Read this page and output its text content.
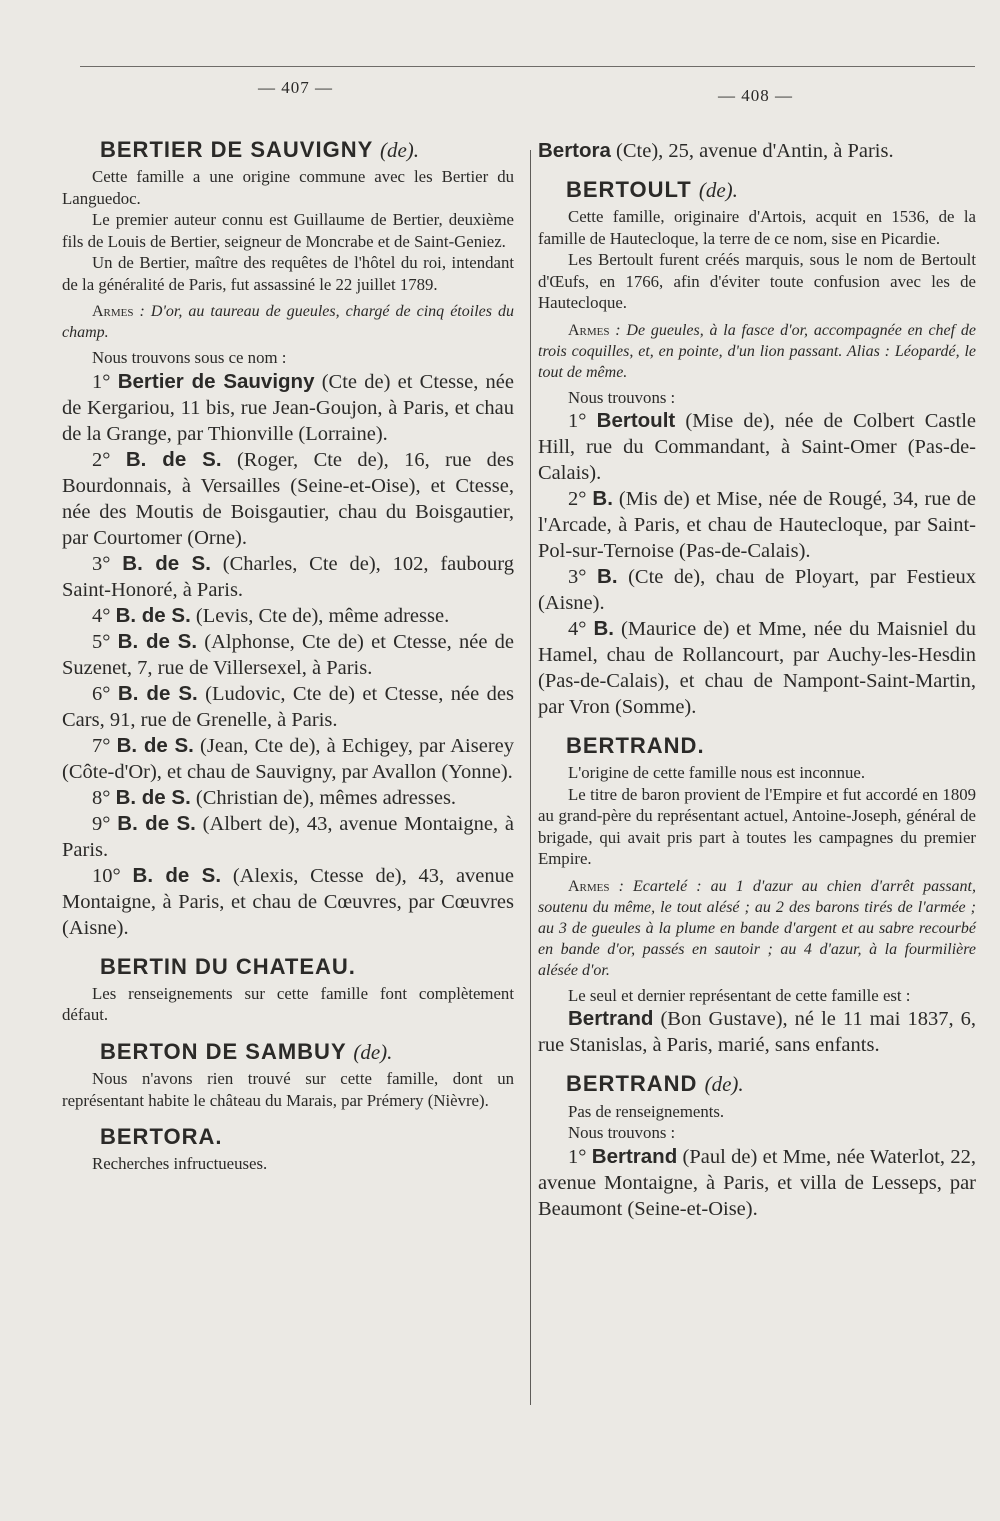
— 407 —	— 408 —
BERTIER DE SAUVIGNY (de).

Cette famille a une origine commune avec les Bertier du Languedoc.

Le premier auteur connu est Guillaume de Bertier, deuxième fils de Louis de Bertier, seigneur de Moncrabe et de Saint-Geniez.

Un de Bertier, maître des requêtes de l'hôtel du roi, intendant de la généralité de Paris, fut assassiné le 22 juillet 1789.

Armes : D'or, au taureau de gueules, chargé de cinq étoiles du champ.

Nous trouvons sous ce nom :

1° Bertier de Sauvigny (Cte de) et Ctesse, née de Kergariou, 11 bis, rue Jean-Goujon, à Paris, et chau de la Grange, par Thionville (Lorraine).

2° B. de S. (Roger, Cte de), 16, rue des Bourdonnais, à Versailles (Seine-et-Oise), et Ctesse, née des Moutis de Boisgautier, chau du Boisgautier, par Courtomer (Orne).

3° B. de S. (Charles, Cte de), 102, faubourg Saint-Honoré, à Paris.

4° B. de S. (Levis, Cte de), même adresse.

5° B. de S. (Alphonse, Cte de) et Ctesse, née de Suzenet, 7, rue de Villersexel, à Paris.

6° B. de S. (Ludovic, Cte de) et Ctesse, née des Cars, 91, rue de Grenelle, à Paris.

7° B. de S. (Jean, Cte de), à Echigey, par Aiserey (Côte-d'Or), et chau de Sauvigny, par Avallon (Yonne).

8° B. de S. (Christian de), mêmes adresses.

9° B. de S. (Albert de), 43, avenue Montaigne, à Paris.

10° B. de S. (Alexis, Ctesse de), 43, avenue Montaigne, à Paris, et chau de Cœuvres, par Cœuvres (Aisne).

BERTIN DU CHATEAU.

Les renseignements sur cette famille font complètement défaut.

BERTON DE SAMBUY (de).

Nous n'avons rien trouvé sur cette famille, dont un représentant habite le château du Marais, par Prémery (Nièvre).

BERTORA.

Recherches infructueuses.

Bertora (Cte), 25, avenue d'Antin, à Paris.

BERTOULT (de).

Cette famille, originaire d'Artois, acquit en 1536, de la famille de Hautecloque, la terre de ce nom, sise en Picardie.

Les Bertoult furent créés marquis, sous le nom de Bertoult d'Œufs, en 1766, afin d'éviter toute confusion avec les de Hautecloque.

Armes : De gueules, à la fasce d'or, accompagnée en chef de trois coquilles, et, en pointe, d'un lion passant. Alias : Léopardé, le tout de même.

Nous trouvons :

1° Bertoult (Mise de), née de Colbert Castle Hill, rue du Commandant, à Saint-Omer (Pas-de-Calais).

2° B. (Mis de) et Mise, née de Rougé, 34, rue de l'Arcade, à Paris, et chau de Hautecloque, par Saint-Pol-sur-Ternoise (Pas-de-Calais).

3° B. (Cte de), chau de Ployart, par Festieux (Aisne).

4° B. (Maurice de) et Mme, née du Maisniel du Hamel, chau de Rollancourt, par Auchy-les-Hesdin (Pas-de-Calais), et chau de Nampont-Saint-Martin, par Vron (Somme).

BERTRAND.

L'origine de cette famille nous est inconnue.

Le titre de baron provient de l'Empire et fut accordé en 1809 au grand-père du représentant actuel, Antoine-Joseph, général de brigade, qui avait pris part à toutes les campagnes du premier Empire.

Armes : Ecartelé : au 1 d'azur au chien d'arrêt passant, soutenu du même, le tout alésé ; au 2 des barons tirés de l'armée ; au 3 de gueules à la plume en bande d'argent et au sabre recourbé en bande d'or, passés en sautoir ; au 4 d'azur, à la fourmilière alésée d'or.

Le seul et dernier représentant de cette famille est :

Bertrand (Bon Gustave), né le 11 mai 1837, 6, rue Stanislas, à Paris, marié, sans enfants.

BERTRAND (de).

Pas de renseignements.

Nous trouvons :

1° Bertrand (Paul de) et Mme, née Waterlot, 22, avenue Montaigne, à Paris, et villa de Lesseps, par Beaumont (Seine-et-Oise).
